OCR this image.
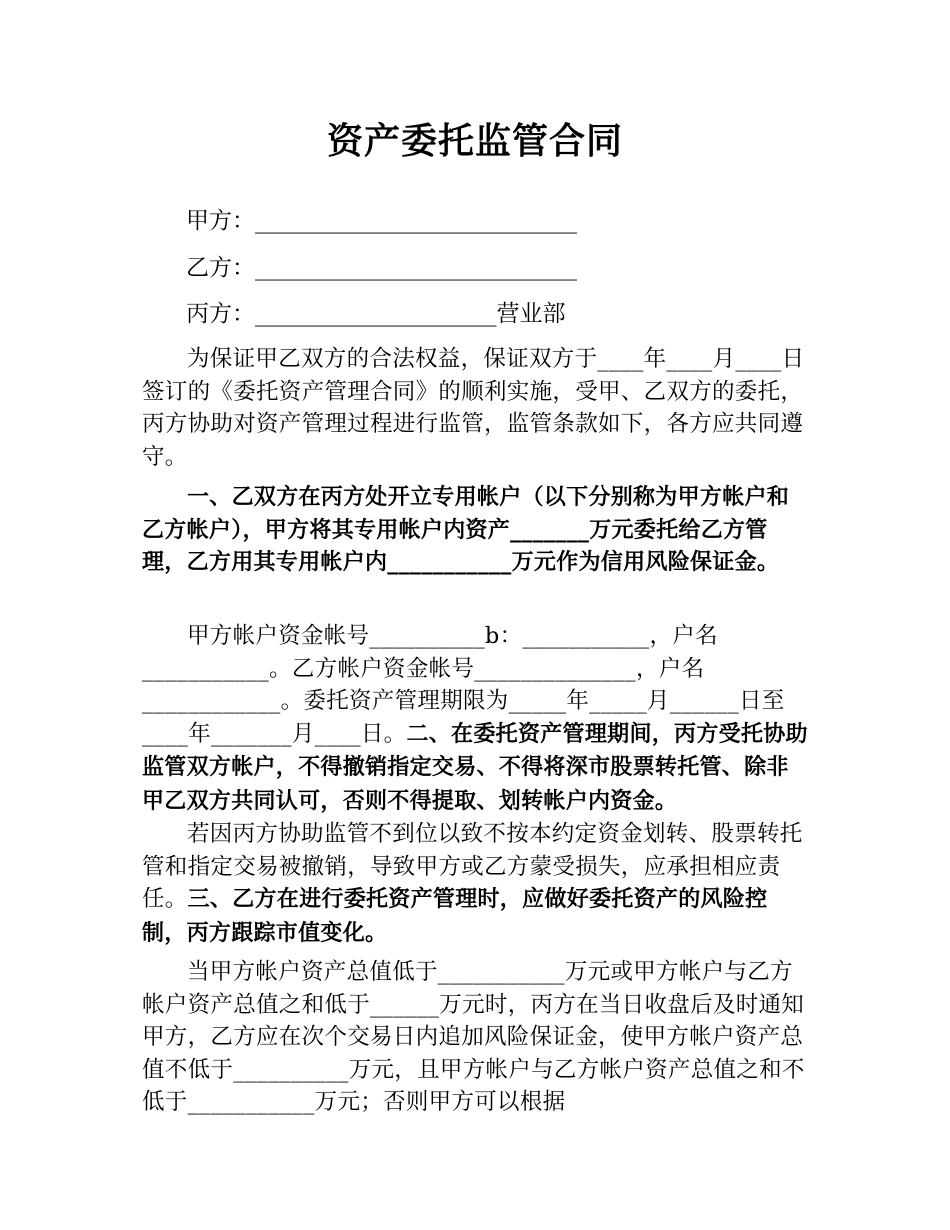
资产委托监管合同
甲方：____________________________
乙方：____________________________
丙方：_____________________营业部
为保证甲乙双方的合法权益，保证双方于____年____月____日签订的《委托资产管理合同》的顺利实施，受甲、乙双方的委托，丙方协助对资产管理过程进行监管，监管条款如下，各方应共同遵守。
一、乙双方在丙方处开立专用帐户（以下分别称为甲方帐户和乙方帐户），甲方将其专用帐户内资产_______万元委托给乙方管理，乙方用其专用帐户内___________万元作为信用风险保证金。
甲方帐户资金帐号__________b：___________，户名___________。乙方帐户资金帐号______________，户名____________。委托资产管理期限为_____年_____月______日至____年_______月____日。二、在委托资产管理期间，丙方受托协助监管双方帐户，不得撤销指定交易、不得将深市股票转托管、除非甲乙双方共同认可，否则不得提取、划转帐户内资金。
若因丙方协助监管不到位以致不按本约定资金划转、股票转托管和指定交易被撤销，导致甲方或乙方蒙受损失，应承担相应责任。三、乙方在进行委托资产管理时，应做好委托资产的风险控制，丙方跟踪市值变化。
当甲方帐户资产总值低于___________万元或甲方帐户与乙方帐户资产总值之和低于______万元时，丙方在当日收盘后及时通知甲方，乙方应在次个交易日内追加风险保证金，使甲方帐户资产总值不低于__________万元，且甲方帐户与乙方帐户资产总值之和不低于___________万元；否则甲方可以根据
